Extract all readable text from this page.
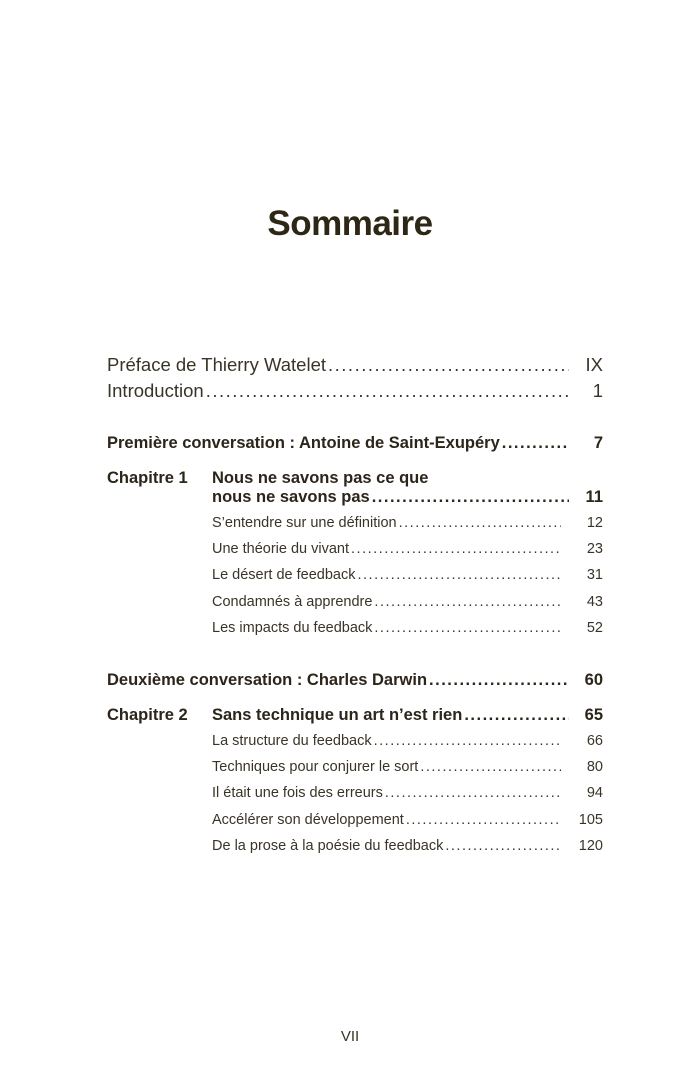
Sommaire
Préface de Thierry Watelet .....	IX
Introduction .....	1
Première conversation : Antoine de Saint-Exupéry .....	7
Chapitre 1 Nous ne savons pas ce que
nous ne savons pas .....	11
S’entendre sur une définition .....	12
Une théorie du vivant .....	23
Le désert de feedback .....	31
Condamnés à apprendre .....	43
Les impacts du feedback .....	52
Deuxième conversation : Charles Darwin .....	60
Chapitre 2 Sans technique un art n’est rien .....	65
La structure du feedback .....	66
Techniques pour conjurer le sort .....	80
Il était une fois des erreurs .....	94
Accélérer son développement .....	105
De la prose à la poésie du feedback .....	120
VII
